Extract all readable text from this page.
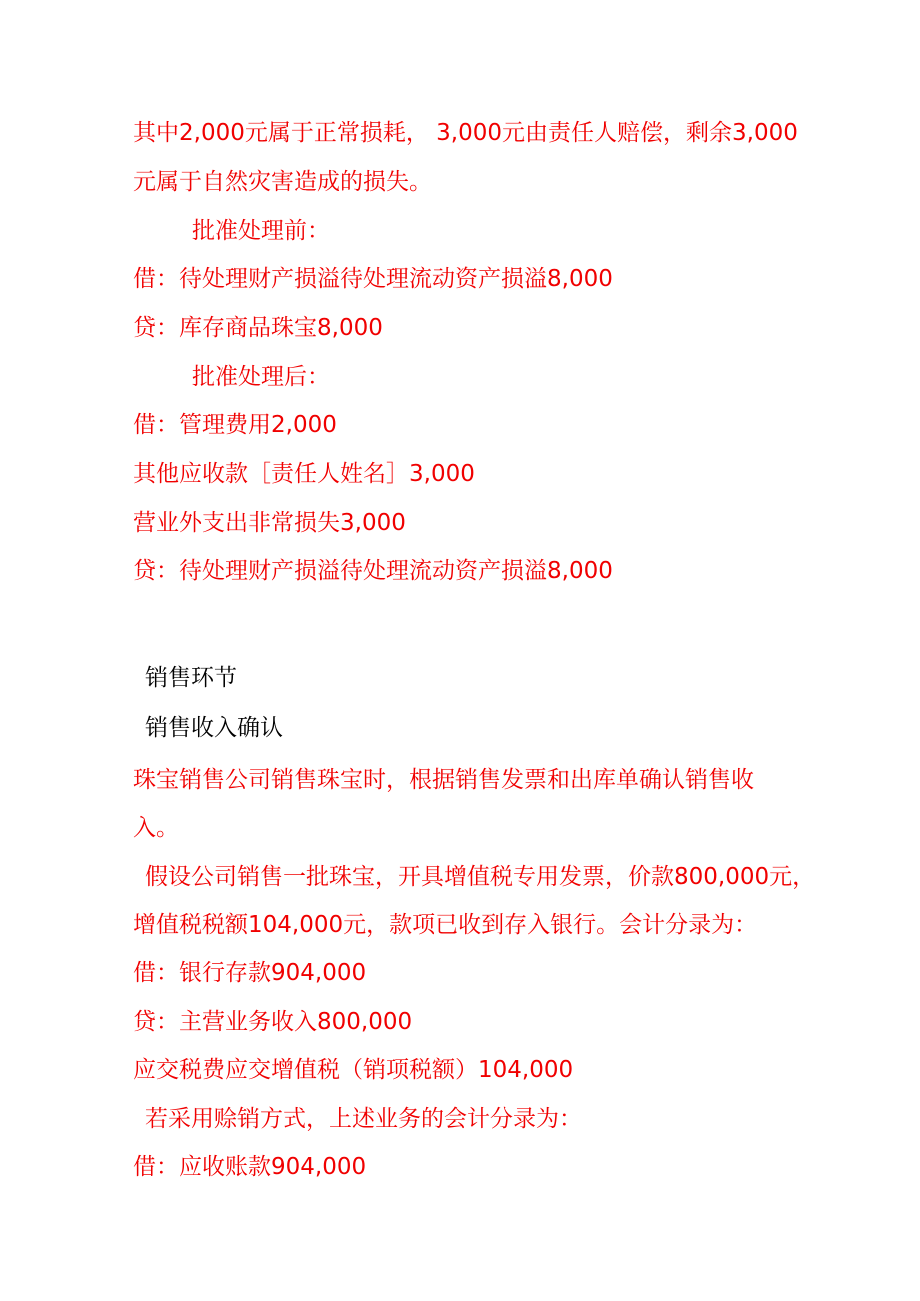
其中2,000元属于正常损耗， 3,000元由责任人赔偿，剩余3,000
元属于自然灾害造成的损失。
批准处理前：
借：待处理财产损溢待处理流动资产损溢8,000
贷：库存商品珠宝8,000
批准处理后：
借：管理费用2,000
其他应收款［责任人姓名］3,000
营业外支出非常损失3,000
贷：待处理财产损溢待处理流动资产损溢8,000
销售环节
销售收入确认
珠宝销售公司销售珠宝时，根据销售发票和出库单确认销售收
入。
假设公司销售一批珠宝，开具增值税专用发票，价款800,000元，
增值税税额104,000元，款项已收到存入银行。会计分录为：
借：银行存款904,000
贷：主营业务收入800,000
应交税费应交增值税（销项税额）104,000
若采用赊销方式，上述业务的会计分录为：
借：应收账款904,000
